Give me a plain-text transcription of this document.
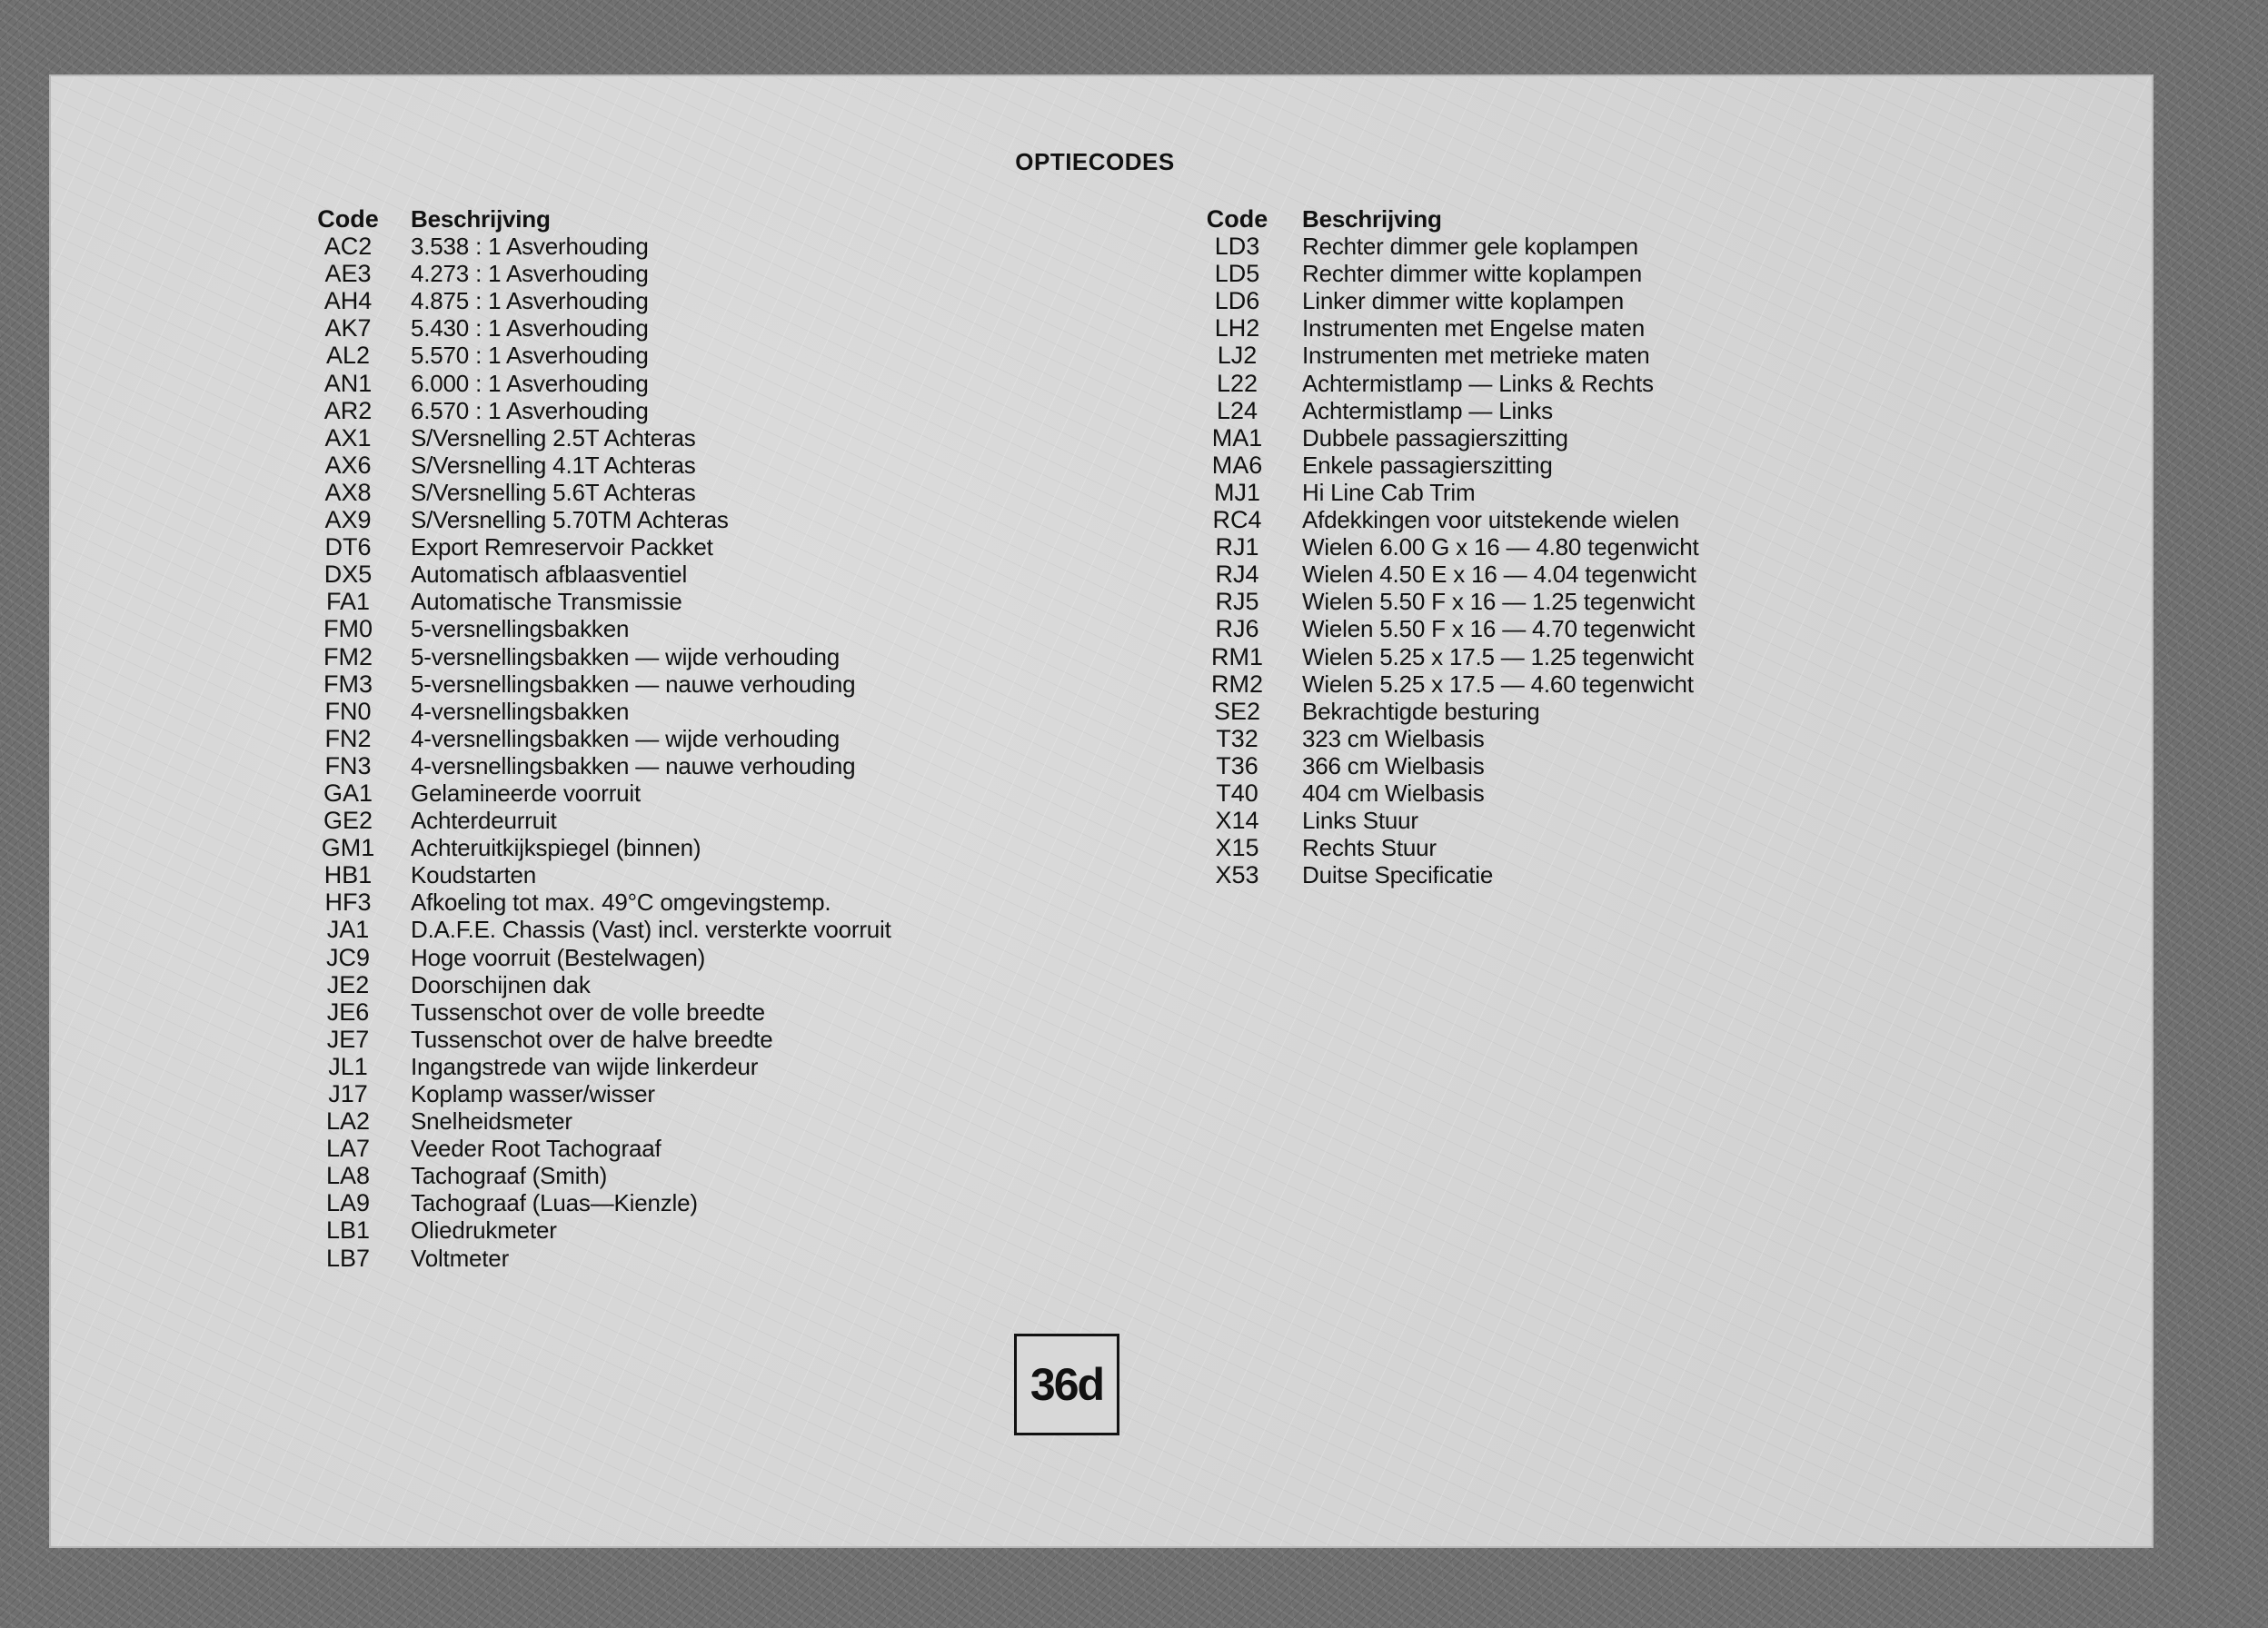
OPTIECODES
Code	Beschrijving
AC2	3.538 : 1 Asverhouding
AE3	4.273 : 1 Asverhouding
AH4	4.875 : 1 Asverhouding
AK7	5.430 : 1 Asverhouding
AL2	5.570 : 1 Asverhouding
AN1	6.000 : 1 Asverhouding
AR2	6.570 : 1 Asverhouding
AX1	S/Versnelling 2.5T Achteras
AX6	S/Versnelling 4.1T Achteras
AX8	S/Versnelling 5.6T Achteras
AX9	S/Versnelling 5.70TM Achteras
DT6	Export Remreservoir Packket
DX5	Automatisch afblaasventiel
FA1	Automatische Transmissie
FM0	5-versnellingsbakken
FM2	5-versnellingsbakken — wijde verhouding
FM3	5-versnellingsbakken — nauwe verhouding
FN0	4-versnellingsbakken
FN2	4-versnellingsbakken — wijde verhouding
FN3	4-versnellingsbakken — nauwe verhouding
GA1	Gelamineerde voorruit
GE2	Achterdeurruit
GM1	Achteruitkijkspiegel (binnen)
HB1	Koudstarten
HF3	Afkoeling tot max. 49°C omgevingstemp.
JA1	D.A.F.E. Chassis (Vast) incl. versterkte voorruit
JC9	Hoge voorruit (Bestelwagen)
JE2	Doorschijnen dak
JE6	Tussenschot over de volle breedte
JE7	Tussenschot over de halve breedte
JL1	Ingangstrede van wijde linkerdeur
J17	Koplamp wasser/wisser
LA2	Snelheidsmeter
LA7	Veeder Root Tachograaf
LA8	Tachograaf (Smith)
LA9	Tachograaf (Luas—Kienzle)
LB1	Oliedrukmeter
LB7	Voltmeter
Code	Beschrijving
LD3	Rechter dimmer gele koplampen
LD5	Rechter dimmer witte koplampen
LD6	Linker dimmer witte koplampen
LH2	Instrumenten met Engelse maten
LJ2	Instrumenten met metrieke maten
L22	Achtermistlamp — Links & Rechts
L24	Achtermistlamp — Links
MA1	Dubbele passagierszitting
MA6	Enkele passagierszitting
MJ1	Hi Line Cab Trim
RC4	Afdekkingen voor uitstekende wielen
RJ1	Wielen 6.00 G x 16 — 4.80 tegenwicht
RJ4	Wielen 4.50 E x 16 — 4.04 tegenwicht
RJ5	Wielen 5.50 F x 16 — 1.25 tegenwicht
RJ6	Wielen 5.50 F x 16 — 4.70 tegenwicht
RM1	Wielen 5.25 x 17.5 — 1.25 tegenwicht
RM2	Wielen 5.25 x 17.5 — 4.60 tegenwicht
SE2	Bekrachtigde besturing
T32	323 cm Wielbasis
T36	366 cm Wielbasis
T40	404 cm Wielbasis
X14	Links Stuur
X15	Rechts Stuur
X53	Duitse Specificatie
36d
